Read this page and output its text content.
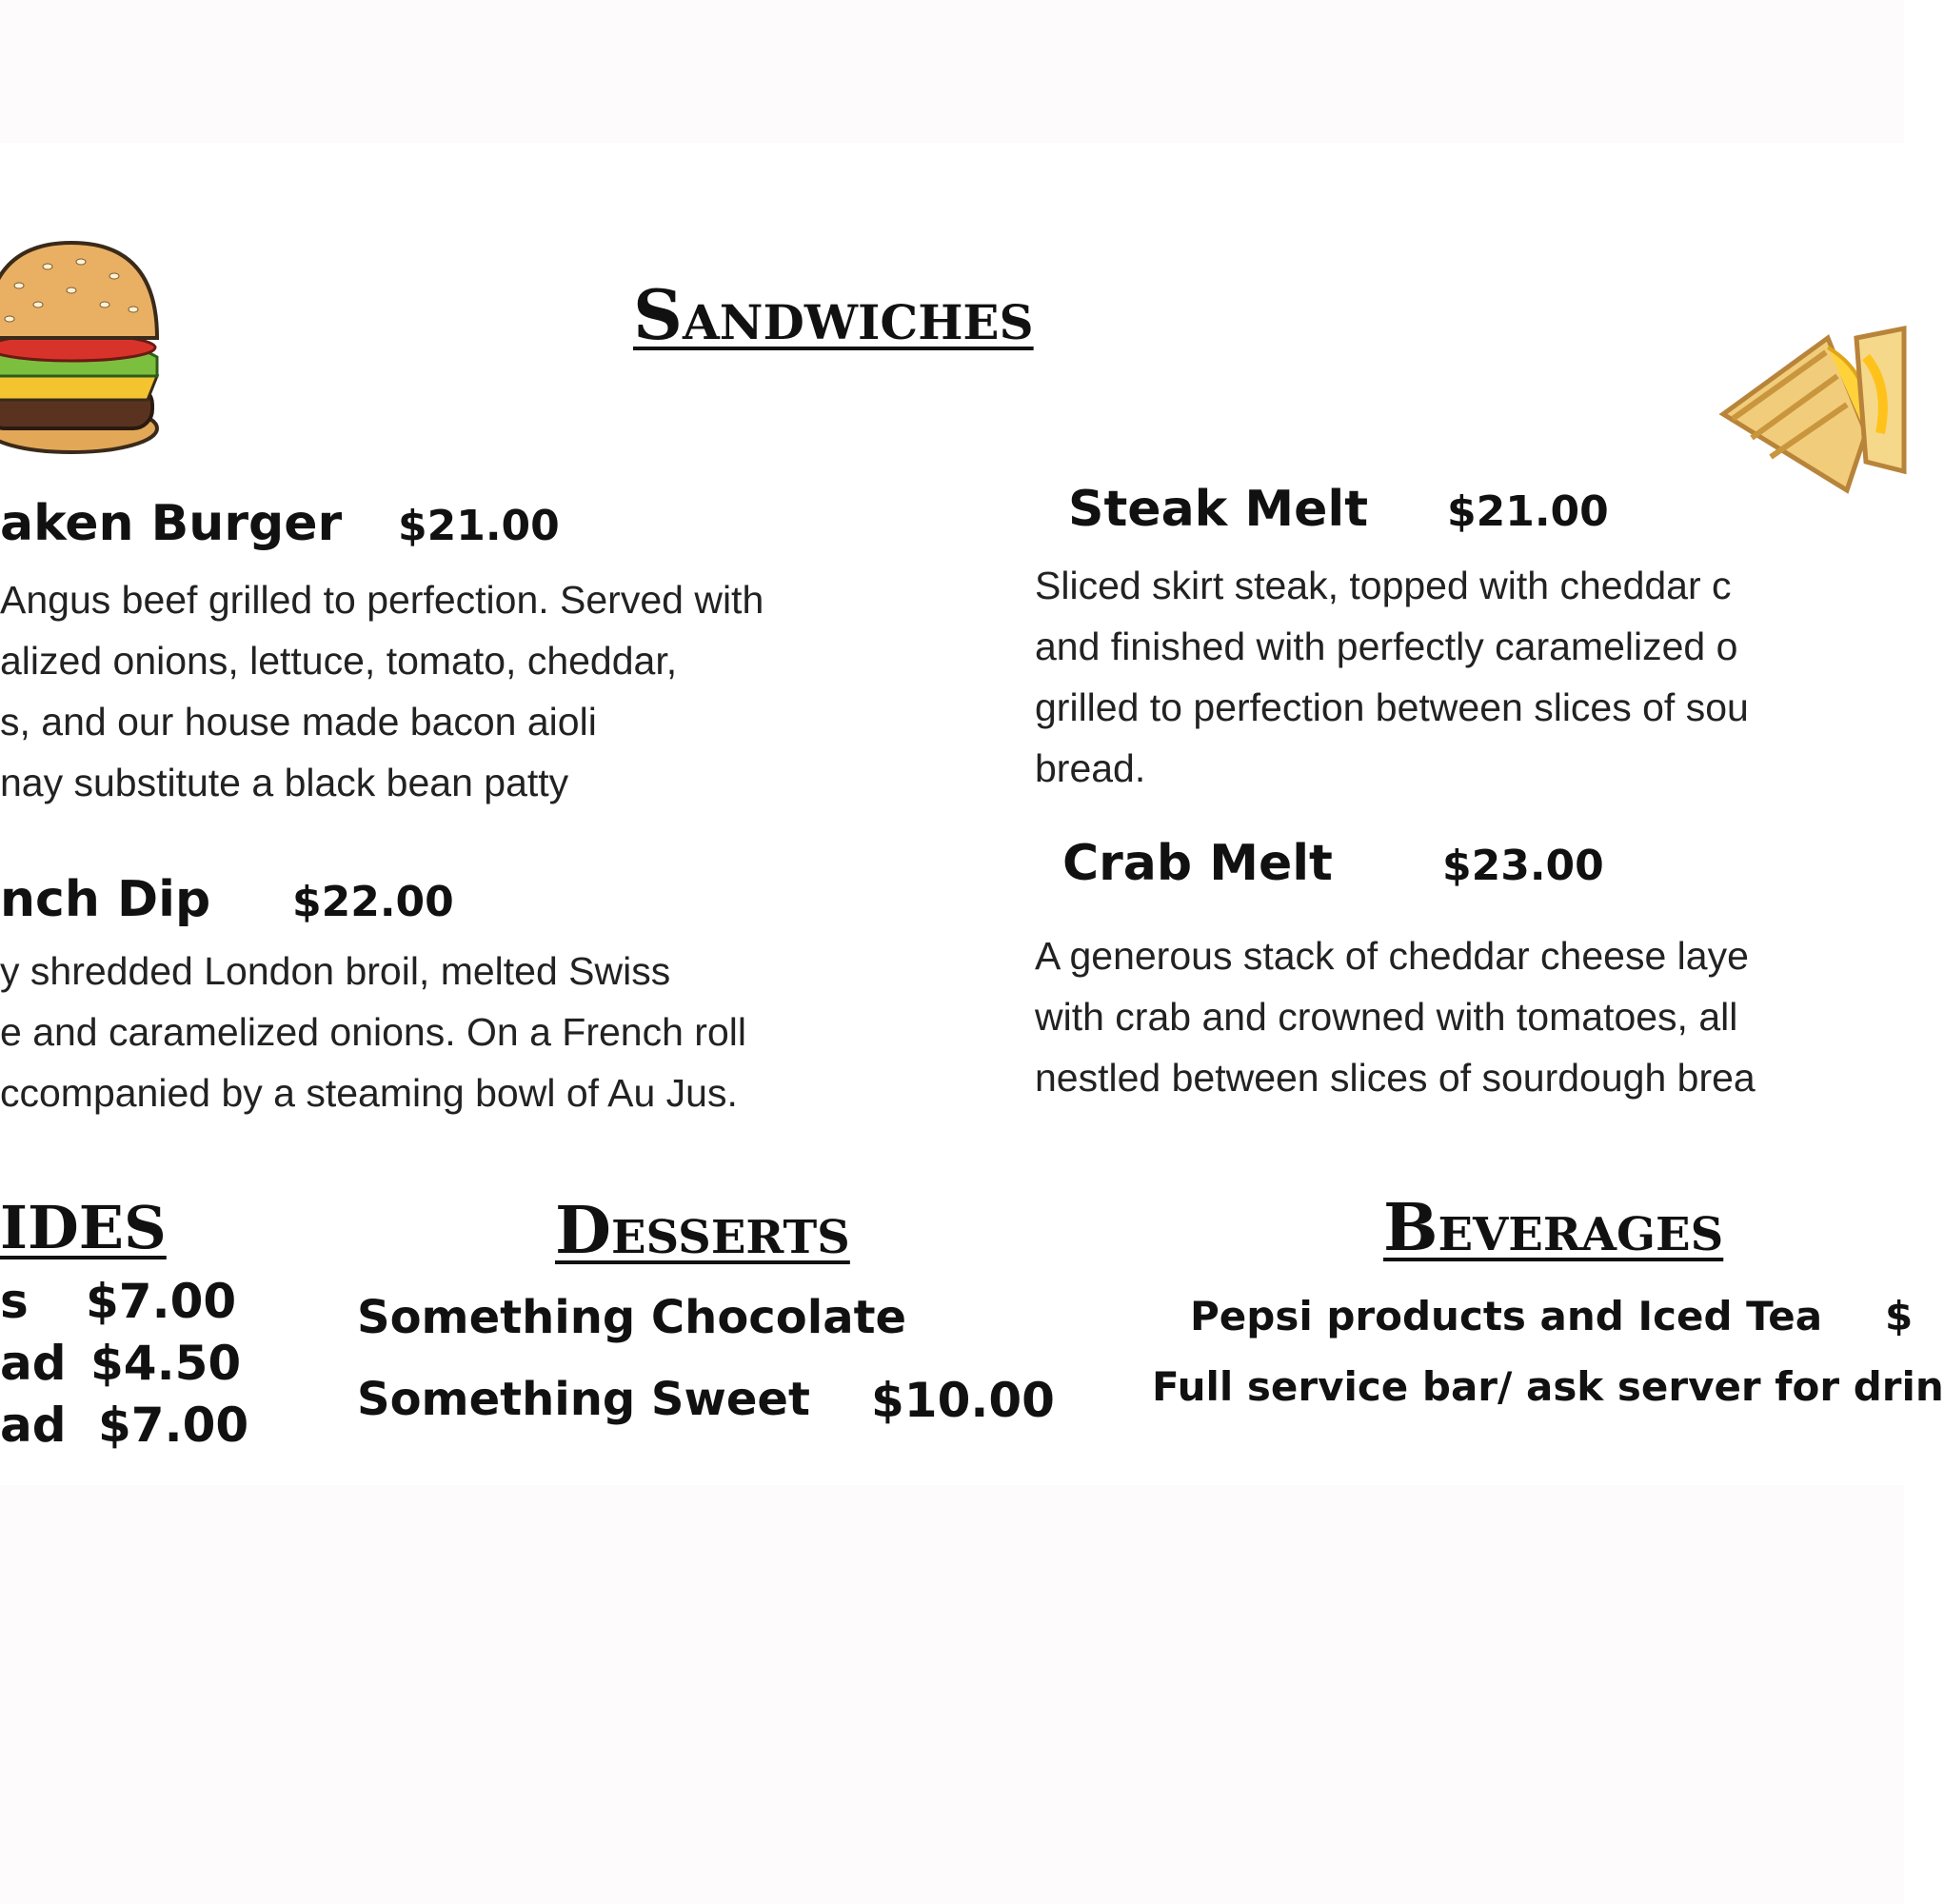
Sandwiches
aken Burger $21.00
Angus beef grilled to perfection. Served with
alized onions, lettuce, tomato, cheddar,
s, and our house made bacon aioli
nay substitute a black bean patty
nch Dip $22.00
y shredded London broil, melted Swiss
e and caramelized onions. On a French roll
ccompanied by a steaming bowl of Au Jus.
Steak Melt $21.00
Sliced skirt steak, topped with cheddar c
and finished with perfectly caramelized o
grilled to perfection between slices of sou
bread.
Crab Melt	$23.00
A generous stack of cheddar cheese laye
with crab and crowned with tomatoes, all
nestled between slices of sourdough brea
IDES
s $7.00
ad $4.50
ad $7.00
Desserts
Something Chocolate
Something Sweet $10.00
Beverages
Pepsi products and Iced Tea $
Full service bar/ ask server for drin
